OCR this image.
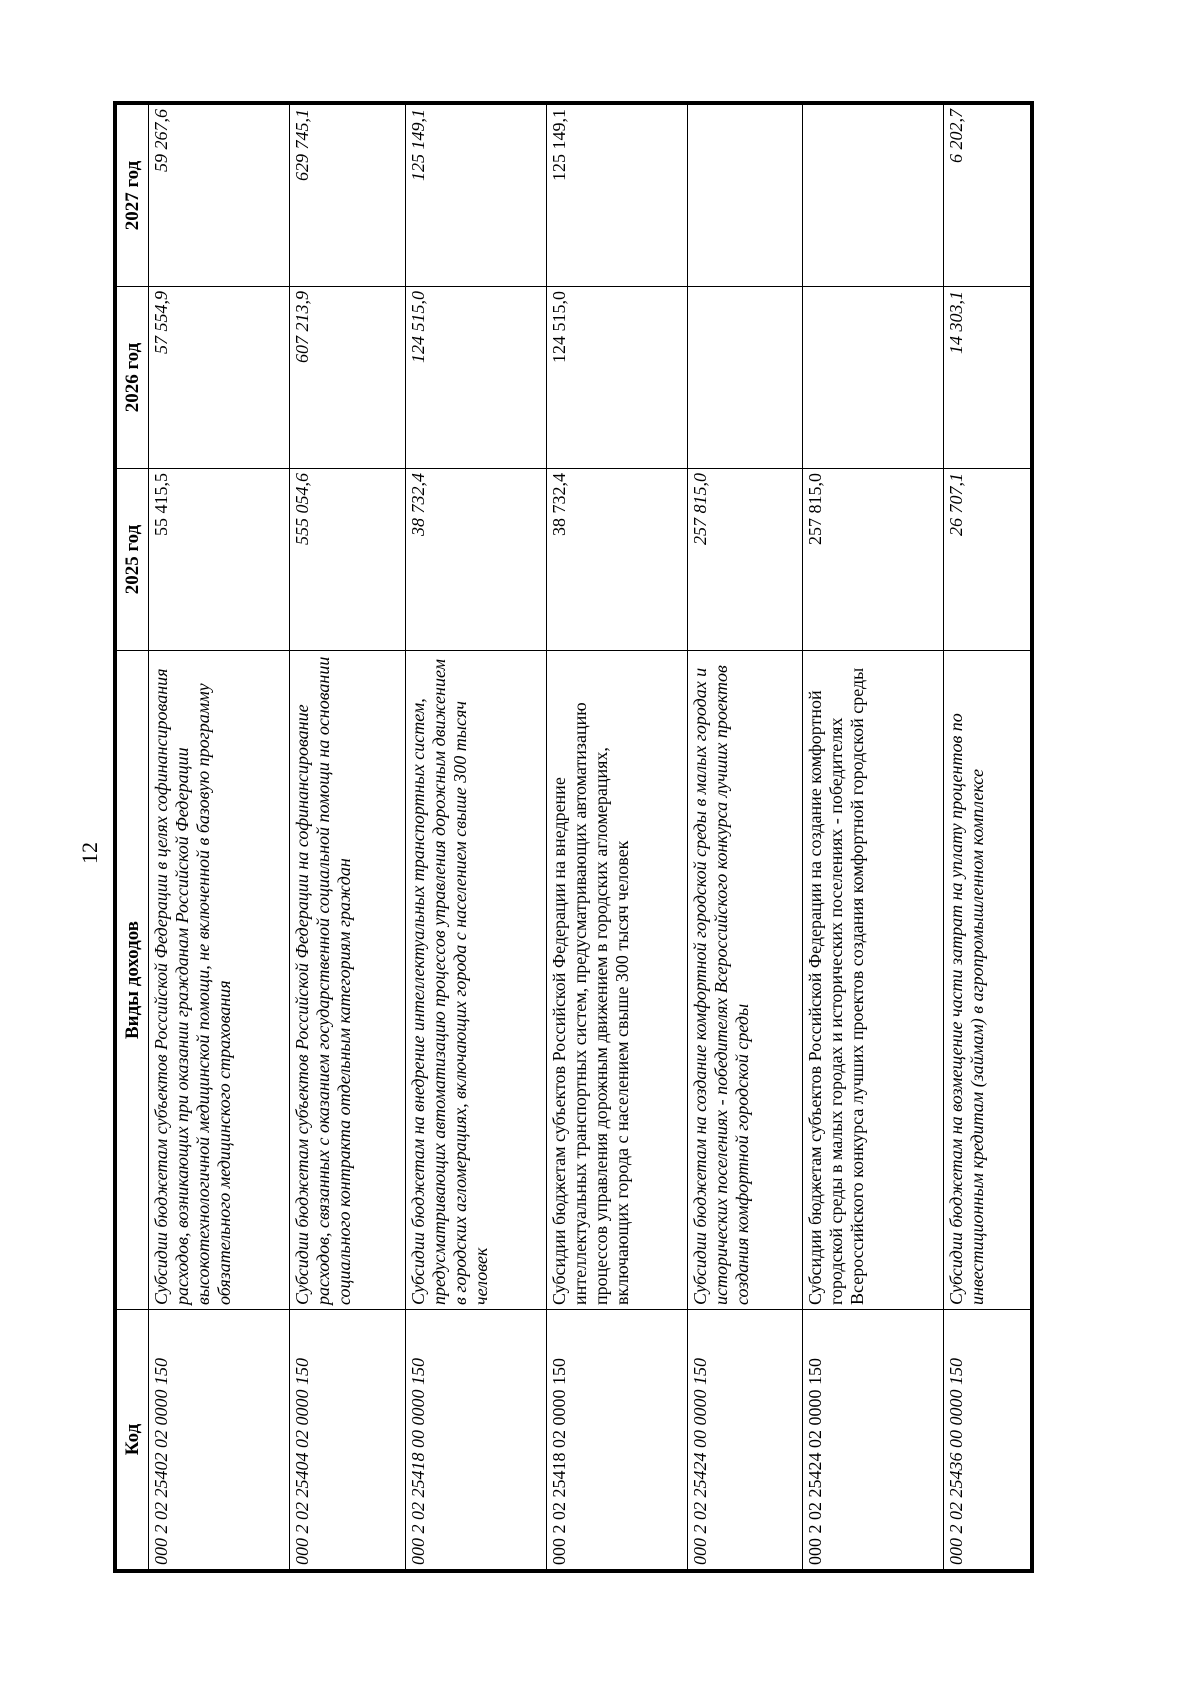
12
Код	Виды доходов	2025 год	2026 год	2027 год
000 2 02 25402 02 0000 150	Субсидии бюджетам субъектов Российской Федерации в целях софинансирования расходов, возникающих при оказании гражданам Российской Федерации высокотехнологичной медицинской помощи, не включенной в базовую программу обязательного медицинского страхования	55 415,5	57 554,9	59 267,6
000 2 02 25404 02 0000 150	Субсидии бюджетам субъектов Российской Федерации на софинансирование расходов, связанных с оказанием государственной социальной помощи на основании социального контракта отдельным категориям граждан	555 054,6	607 213,9	629 745,1
000 2 02 25418 00 0000 150	Субсидии бюджетам на внедрение интеллектуальных транспортных систем, предусматривающих автоматизацию процессов управления дорожным движением в городских агломерациях, включающих города с населением свыше 300 тысяч человек	38 732,4	124 515,0	125 149,1
000 2 02 25418 02 0000 150	Субсидии бюджетам субъектов Российской Федерации на внедрение интеллектуальных транспортных систем, предусматривающих автоматизацию процессов управления дорожным движением в городских агломерациях, включающих города с населением свыше 300 тысяч человек	38 732,4	124 515,0	125 149,1
000 2 02 25424 00 0000 150	Субсидии бюджетам на создание комфортной городской среды в малых городах и исторических поселениях - победителях Всероссийского конкурса лучших проектов создания комфортной городской среды	257 815,0		
000 2 02 25424 02 0000 150	Субсидии бюджетам субъектов Российской Федерации на создание комфортной городской среды в малых городах и исторических поселениях - победителях Всероссийского конкурса лучших проектов создания комфортной городской среды	257 815,0		
000 2 02 25436 00 0000 150	Субсидии бюджетам на возмещение части затрат на уплату процентов по инвестиционным кредитам (займам) в агропромышленном комплексе	26 707,1	14 303,1	6 202,7
